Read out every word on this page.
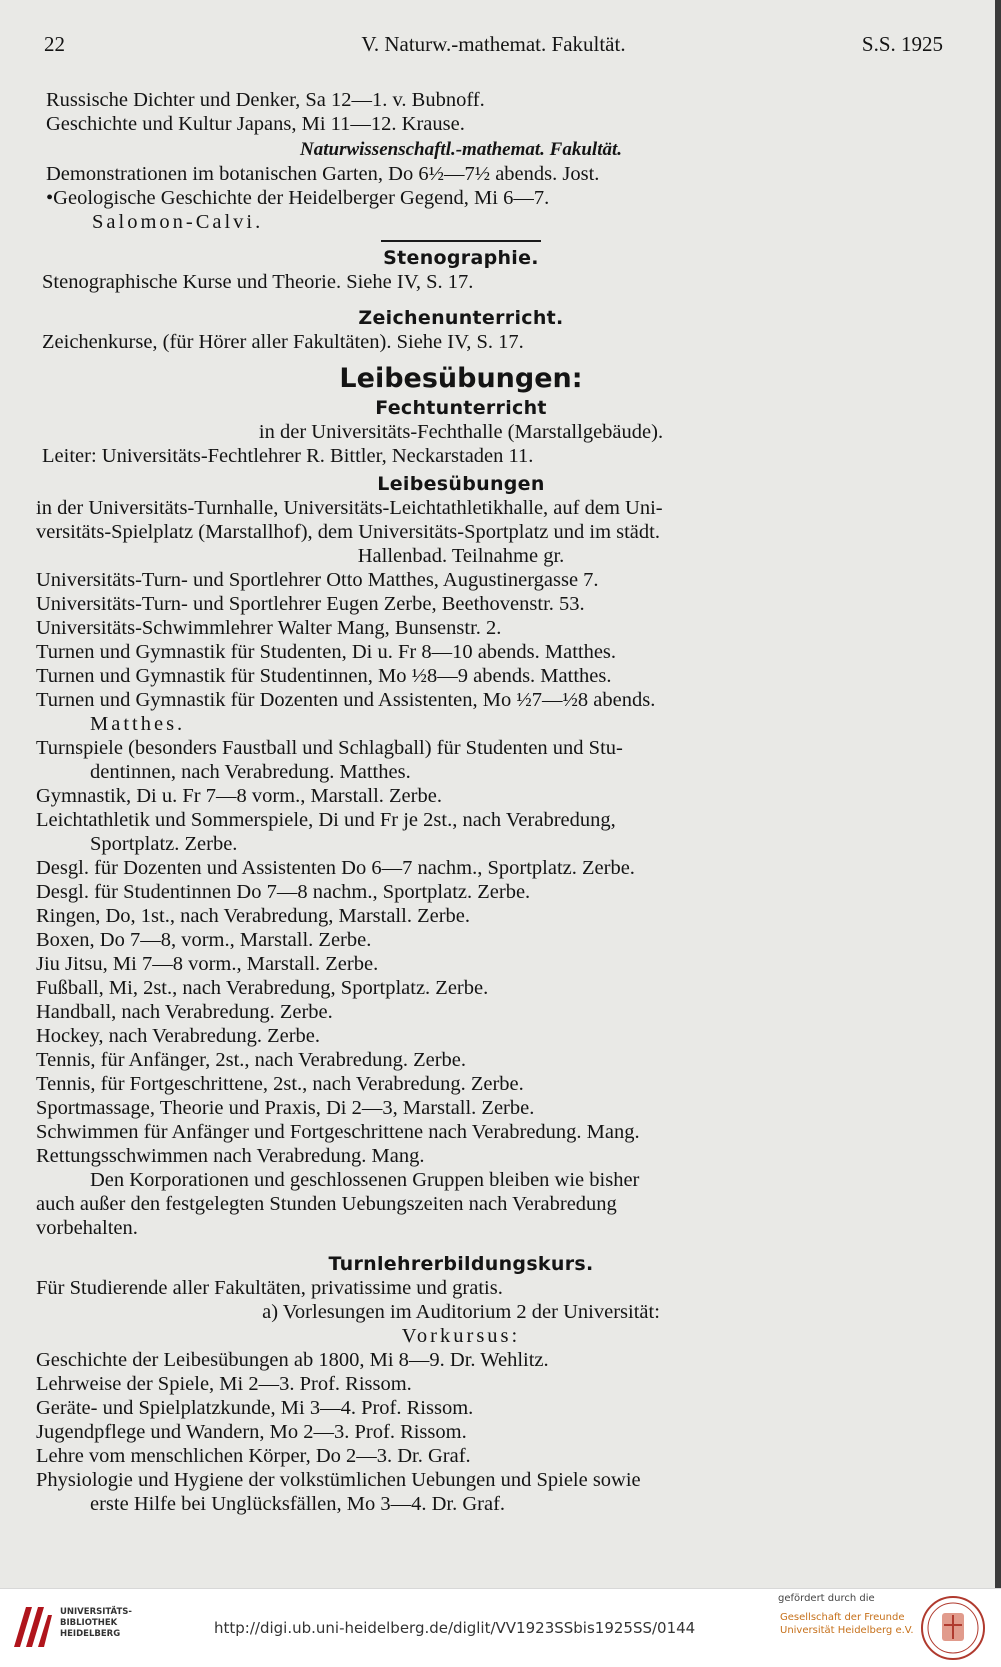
22	V. Naturw.-mathemat. Fakultät.	S.S. 1925
Russische Dichter und Denker, Sa 12—1. v. Bubnoff.
Geschichte und Kultur Japans, Mi 11—12. Krause.
Naturwissenschaftl.-mathemat. Fakultät.
Demonstrationen im botanischen Garten, Do 6½—7½ abends. Jost.
•Geologische Geschichte der Heidelberger Gegend, Mi 6—7.
Salomon-Calvi.
Stenographie.
Stenographische Kurse und Theorie. Siehe IV, S. 17.
Zeichenunterricht.
Zeichenkurse, (für Hörer aller Fakultäten). Siehe IV, S. 17.
Leibesübungen:
Fechtunterricht
in der Universitäts-Fechthalle (Marstallgebäude).
Leiter: Universitäts-Fechtlehrer R. Bittler, Neckarstaden 11.
Leibesübungen
in der Universitäts-Turnhalle, Universitäts-Leichtathletikhalle, auf dem Uni-
versitäts-Spielplatz (Marstallhof), dem Universitäts-Sportplatz und im städt.
Hallenbad. Teilnahme gr.
Universitäts-Turn- und Sportlehrer Otto Matthes, Augustinergasse 7.
Universitäts-Turn- und Sportlehrer Eugen Zerbe, Beethovenstr. 53.
Universitäts-Schwimmlehrer Walter Mang, Bunsenstr. 2.
Turnen und Gymnastik für Studenten, Di u. Fr 8—10 abends. Matthes.
Turnen und Gymnastik für Studentinnen, Mo ½8—9 abends. Matthes.
Turnen und Gymnastik für Dozenten und Assistenten, Mo ½7—½8 abends.
Matthes.
Turnspiele (besonders Faustball und Schlagball) für Studenten und Stu-
dentinnen, nach Verabredung. Matthes.
Gymnastik, Di u. Fr 7—8 vorm., Marstall. Zerbe.
Leichtathletik und Sommerspiele, Di und Fr je 2st., nach Verabredung,
Sportplatz. Zerbe.
Desgl. für Dozenten und Assistenten Do 6—7 nachm., Sportplatz. Zerbe.
Desgl. für Studentinnen Do 7—8 nachm., Sportplatz. Zerbe.
Ringen, Do, 1st., nach Verabredung, Marstall. Zerbe.
Boxen, Do 7—8, vorm., Marstall. Zerbe.
Jiu Jitsu, Mi 7—8 vorm., Marstall. Zerbe.
Fußball, Mi, 2st., nach Verabredung, Sportplatz. Zerbe.
Handball, nach Verabredung. Zerbe.
Hockey, nach Verabredung. Zerbe.
Tennis, für Anfänger, 2st., nach Verabredung. Zerbe.
Tennis, für Fortgeschrittene, 2st., nach Verabredung. Zerbe.
Sportmassage, Theorie und Praxis, Di 2—3, Marstall. Zerbe.
Schwimmen für Anfänger und Fortgeschrittene nach Verabredung. Mang.
Rettungsschwimmen nach Verabredung. Mang.
Den Korporationen und geschlossenen Gruppen bleiben wie bisher
auch außer den festgelegten Stunden Uebungszeiten nach Verabredung
vorbehalten.
Turnlehrerbildungskurs.
Für Studierende aller Fakultäten, privatissime und gratis.
a) Vorlesungen im Auditorium 2 der Universität:
Vorkursus:
Geschichte der Leibesübungen ab 1800, Mi 8—9. Dr. Wehlitz.
Lehrweise der Spiele, Mi 2—3. Prof. Rissom.
Geräte- und Spielplatzkunde, Mi 3—4. Prof. Rissom.
Jugendpflege und Wandern, Mo 2—3. Prof. Rissom.
Lehre vom menschlichen Körper, Do 2—3. Dr. Graf.
Physiologie und Hygiene der volkstümlichen Uebungen und Spiele sowie
erste Hilfe bei Unglücksfällen, Mo 3—4. Dr. Graf.
UNIVERSITÄTS-
BIBLIOTHEK
HEIDELBERG	http://digi.ub.uni-heidelberg.de/diglit/VV1923SSbis1925SS/0144
gefördert durch die
Gesellschaft der Freunde
Universität Heidelberg e.V.
